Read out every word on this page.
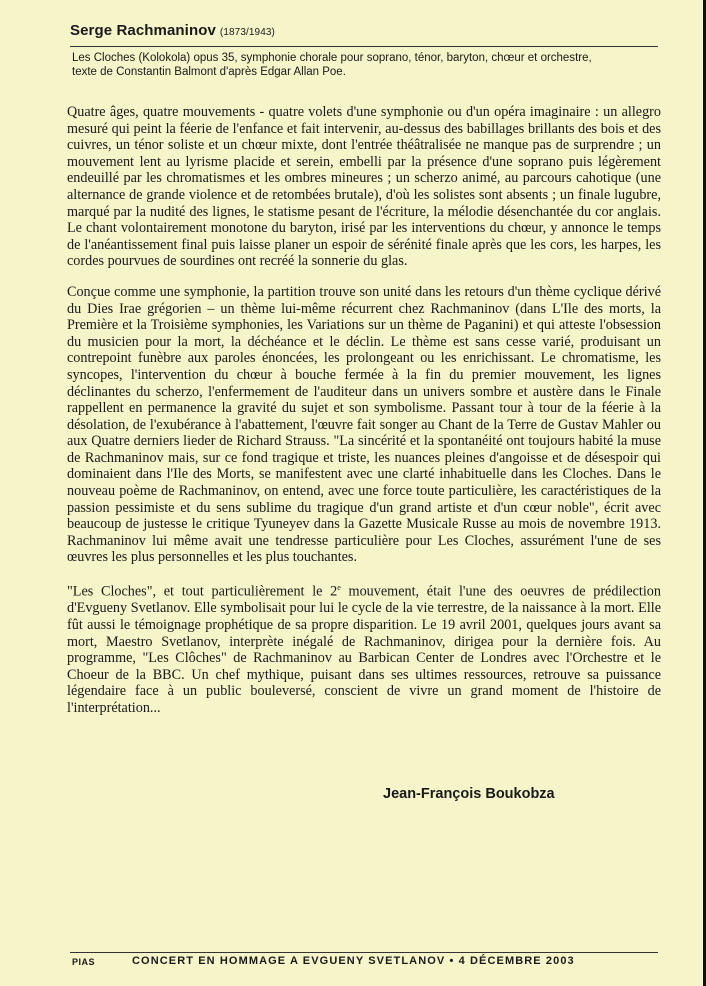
Serge Rachmaninov (1873/1943)
Les Cloches (Kolokola) opus 35, symphonie chorale pour soprano, ténor, baryton, chœur et orchestre,
texte de Constantin Balmont d'après Edgar Allan Poe.

Quatre âges, quatre mouvements - quatre volets d'une symphonie ou d'un opéra imaginaire : un allegro mesuré qui peint la féerie de l'enfance et fait intervenir, au-dessus des babillages brillants des bois et des cuivres, un ténor soliste et un chœur mixte, dont l'entrée théâtralisée ne manque pas de surprendre ; un mouvement lent au lyrisme placide et serein, embelli par la présence d'une soprano puis légèrement endeuillé par les chromatismes et les ombres mineures ; un scherzo animé, au parcours cahotique (une alternance de grande violence et de retombées brutale), d'où les solistes sont absents ; un finale lugubre, marqué par la nudité des lignes, le statisme pesant de l'écriture, la mélodie désenchantée du cor anglais. Le chant volontairement monotone du baryton, irisé par les interventions du chœur, y annonce le temps de l'anéantissement final puis laisse planer un espoir de sérénité finale après que les cors, les harpes, les cordes pourvues de sourdines ont recréé la sonnerie du glas.

Conçue comme une symphonie, la partition trouve son unité dans les retours d'un thème cyclique dérivé du Dies Irae grégorien – un thème lui-même récurrent chez Rachmaninov (dans L'Ile des morts, la Première et la Troisième symphonies, les Variations sur un thème de Paganini) et qui atteste l'obsession du musicien pour la mort, la déchéance et le déclin. Le thème est sans cesse varié, produisant un contrepoint funèbre aux paroles énoncées, les prolongeant ou les enrichissant. Le chromatisme, les syncopes, l'intervention du chœur à bouche fermée à la fin du premier mouvement, les lignes déclinantes du scherzo, l'enfermement de l'auditeur dans un univers sombre et austère dans le Finale rappellent en permanence la gravité du sujet et son symbolisme. Passant tour à tour de la féerie à la désolation, de l'exubérance à l'abattement, l'œuvre fait songer au Chant de la Terre de Gustav Mahler ou aux Quatre derniers lieder de Richard Strauss. "La sincérité et la spontanéité ont toujours habité la muse de Rachmaninov mais, sur ce fond tragique et triste, les nuances pleines d'angoisse et de désespoir qui dominaient dans l'Ile des Morts, se manifestent avec une clarté inhabituelle dans les Cloches. Dans le nouveau poème de Rachmaninov, on entend, avec une force toute particulière, les caractéristiques de la passion pessimiste et du sens sublime du tragique d'un grand artiste et d'un cœur noble", écrit avec beaucoup de justesse le critique Tyuneyev dans la Gazette Musicale Russe au mois de novembre 1913. Rachmaninov lui même avait une tendresse particulière pour Les Cloches, assurément l'une de ses œuvres les plus personnelles et les plus touchantes.

"Les Cloches", et tout particulièrement le 2e mouvement, était l'une des oeuvres de prédilection d'Evgueny Svetlanov. Elle symbolisait pour lui le cycle de la vie terrestre, de la naissance à la mort. Elle fût aussi le témoignage prophétique de sa propre disparition. Le 19 avril 2001, quelques jours avant sa mort, Maestro Svetlanov, interprète inégalé de Rachmaninov, dirigea pour la dernière fois. Au programme, "Les Clôches" de Rachmaninov au Barbican Center de Londres avec l'Orchestre et le Choeur de la BBC. Un chef mythique, puisant dans ses ultimes ressources, retrouve sa puissance légendaire face à un public bouleversé, conscient de vivre un grand moment de l'histoire de l'interprétation...

Jean-François Boukobza
PIAS	CONCERT EN HOMMAGE A EVGUENY SVETLANOV • 4 DÉCEMBRE 2003
